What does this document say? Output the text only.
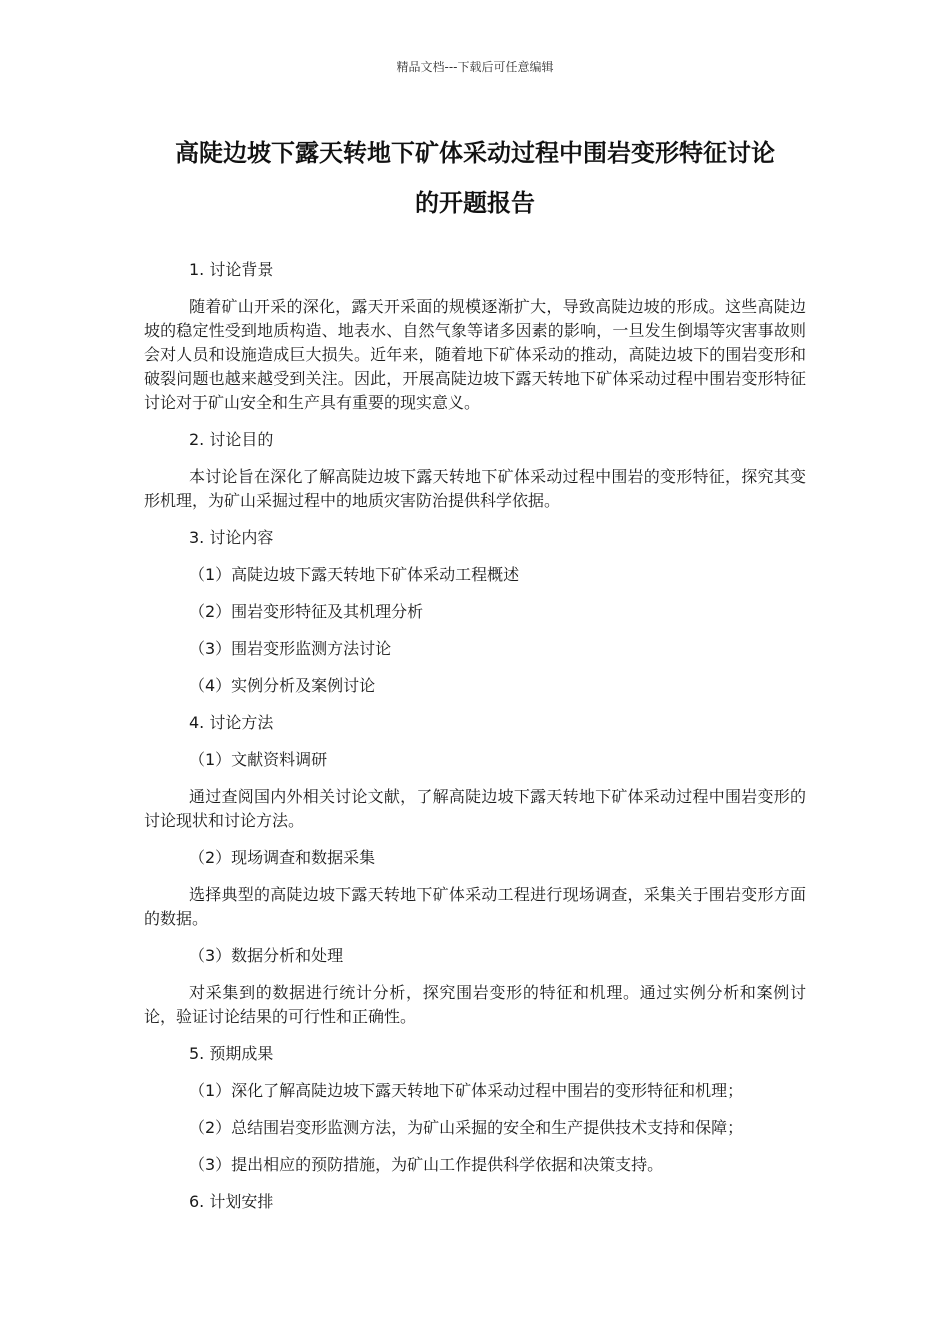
精品文档---下载后可任意编辑
高陡边坡下露天转地下矿体采动过程中围岩变形特征讨论
的开题报告
1. 讨论背景
随着矿山开采的深化，露天开采面的规模逐渐扩大，导致高陡边坡的形成。这些高陡边坡的稳定性受到地质构造、地表水、自然气象等诸多因素的影响，一旦发生倒塌等灾害事故则会对人员和设施造成巨大损失。近年来，随着地下矿体采动的推动，高陡边坡下的围岩变形和破裂问题也越来越受到关注。因此，开展高陡边坡下露天转地下矿体采动过程中围岩变形特征讨论对于矿山安全和生产具有重要的现实意义。
2. 讨论目的
本讨论旨在深化了解高陡边坡下露天转地下矿体采动过程中围岩的变形特征，探究其变形机理，为矿山采掘过程中的地质灾害防治提供科学依据。
3. 讨论内容
（1）高陡边坡下露天转地下矿体采动工程概述
（2）围岩变形特征及其机理分析
（3）围岩变形监测方法讨论
（4）实例分析及案例讨论
4. 讨论方法
（1）文献资料调研
通过查阅国内外相关讨论文献，了解高陡边坡下露天转地下矿体采动过程中围岩变形的讨论现状和讨论方法。
（2）现场调查和数据采集
选择典型的高陡边坡下露天转地下矿体采动工程进行现场调查，采集关于围岩变形方面的数据。
（3）数据分析和处理
对采集到的数据进行统计分析，探究围岩变形的特征和机理。通过实例分析和案例讨论，验证讨论结果的可行性和正确性。
5. 预期成果
（1）深化了解高陡边坡下露天转地下矿体采动过程中围岩的变形特征和机理；
（2）总结围岩变形监测方法，为矿山采掘的安全和生产提供技术支持和保障；
（3）提出相应的预防措施，为矿山工作提供科学依据和决策支持。
6. 计划安排
